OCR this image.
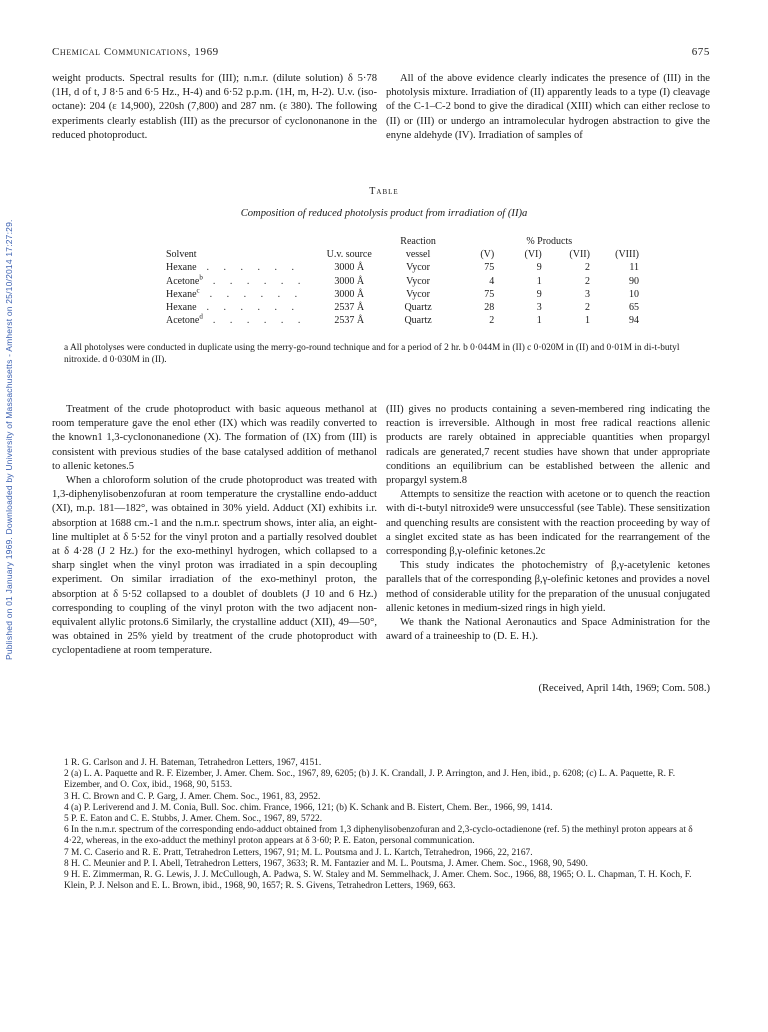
Chemical Communications, 1969	675
Published on 01 January 1969. Downloaded by University of Massachusetts - Amherst on 25/10/2014 17:27:29.
weight products. Spectral results for (III); n.m.r. (dilute solution) δ 5·78 (1H, d of t, J 8·5 and 6·5 Hz., H-4) and 6·52 p.p.m. (1H, m, H-2). U.v. (iso-octane): 204 (ε 14,900), 220sh (7,800) and 287 nm. (ε 380). The following experiments clearly establish (III) as the precursor of cyclononanone in the reduced photoproduct.
All of the above evidence clearly indicates the presence of (III) in the photolysis mixture. Irradiation of (II) apparently leads to a type (I) cleavage of the C-1–C-2 bond to give the diradical (XIII) which can either reclose to (II) or (III) or undergo an intramolecular hydrogen abstraction to give the enyne aldehyde (IV). Irradiation of samples of
Table
Composition of reduced photolysis product from irradiation of (II)a
		Reaction	% Products			
Solvent	U.v. source	vessel	(V)	(VI)	(VII)	(VIII)
Hexane . . . . . .	3000 Å	Vycor	75	9	2	11
Acetone$^b$ . . . . . .	3000 Å	Vycor	4	1	2	90
Hexane$^c$ . . . . . .	3000 Å	Vycor	75	9	3	10
Hexane . . . . . .	2537 Å	Quartz	28	3	2	65
Acetone$^d$ . . . . . .	2537 Å	Quartz	2	1	1	94
a All photolyses were conducted in duplicate using the merry-go-round technique and for a period of 2 hr. b 0·044M in (II) c 0·020M in (II) and 0·01M in di-t-butyl nitroxide. d 0·030M in (II).

Treatment of the crude photoproduct with basic aqueous methanol at room temperature gave the enol ether (IX) which was readily converted to the known1 1,3-cyclononanedione (X). The formation of (IX) from (III) is consistent with previous studies of the base catalysed addition of methanol to allenic ketones.5

When a chloroform solution of the crude photoproduct was treated with 1,3-diphenylisobenzofuran at room temperature the crystalline endo-adduct (XI), m.p. 181—182°, was obtained in 30% yield. Adduct (XI) exhibits i.r. absorption at 1688 cm.-1 and the n.m.r. spectrum shows, inter alia, an eight-line multiplet at δ 5·52 for the vinyl proton and a partially resolved doublet at δ 4·28 (J 2 Hz.) for the exo-methinyl hydrogen, which collapsed to a sharp singlet when the vinyl proton was irradiated in a spin decoupling experiment. On similar irradiation of the exo-methinyl proton, the absorption at δ 5·52 collapsed to a doublet of doublets (J 10 and 6 Hz.) corresponding to coupling of the vinyl proton with the two adjacent non-equivalent allylic protons.6 Similarly, the crystalline adduct (XII), 49—50°, was obtained in 25% yield by treatment of the crude photoproduct with cyclopentadiene at room temperature.

(III) gives no products containing a seven-membered ring indicating the reaction is irreversible. Although in most free radical reactions allenic products are rarely obtained in appreciable quantities when propargyl radicals are generated,7 recent studies have shown that under appropriate conditions an equilibrium can be established between the allenic and propargyl system.8

Attempts to sensitize the reaction with acetone or to quench the reaction with di-t-butyl nitroxide9 were unsuccessful (see Table). These sensitization and quenching results are consistent with the reaction proceeding by way of a singlet excited state as has been indicated for the rearrangement of the corresponding β,γ-olefinic ketones.2c

This study indicates the photochemistry of β,γ-acetylenic ketones parallels that of the corresponding β,γ-olefinic ketones and provides a novel method of considerable utility for the preparation of the unusual conjugated allenic ketones in medium-sized rings in high yield.

We thank the National Aeronautics and Space Administration for the award of a traineeship to (D. E. H.).

(Received, April 14th, 1969; Com. 508.)

1 R. G. Carlson and J. H. Bateman, Tetrahedron Letters, 1967, 4151.

2 (a) L. A. Paquette and R. F. Eizember, J. Amer. Chem. Soc., 1967, 89, 6205; (b) J. K. Crandall, J. P. Arrington, and J. Hen, ibid., p. 6208; (c) L. A. Paquette, R. F. Eizember, and O. Cox, ibid., 1968, 90, 5153.

3 H. C. Brown and C. P. Garg, J. Amer. Chem. Soc., 1961, 83, 2952.

4 (a) P. Leriverend and J. M. Conia, Bull. Soc. chim. France, 1966, 121; (b) K. Schank and B. Eistert, Chem. Ber., 1966, 99, 1414.

5 P. E. Eaton and C. E. Stubbs, J. Amer. Chem. Soc., 1967, 89, 5722.

6 In the n.m.r. spectrum of the corresponding endo-adduct obtained from 1,3 diphenylisobenzofuran and 2,3-cyclo-octadienone (ref. 5) the methinyl proton appears at δ 4·22, whereas, in the exo-adduct the methinyl proton appears at δ 3·60; P. E. Eaton, personal communication.

7 M. C. Caserio and R. E. Pratt, Tetrahedron Letters, 1967, 91; M. L. Poutsma and J. L. Kartch, Tetrahedron, 1966, 22, 2167.

8 H. C. Meunier and P. I. Abell, Tetrahedron Letters, 1967, 3633; R. M. Fantazier and M. L. Poutsma, J. Amer. Chem. Soc., 1968, 90, 5490.

9 H. E. Zimmerman, R. G. Lewis, J. J. McCullough, A. Padwa, S. W. Staley and M. Semmelhack, J. Amer. Chem. Soc., 1966, 88, 1965; O. L. Chapman, T. H. Koch, F. Klein, P. J. Nelson and E. L. Brown, ibid., 1968, 90, 1657; R. S. Givens, Tetrahedron Letters, 1969, 663.
